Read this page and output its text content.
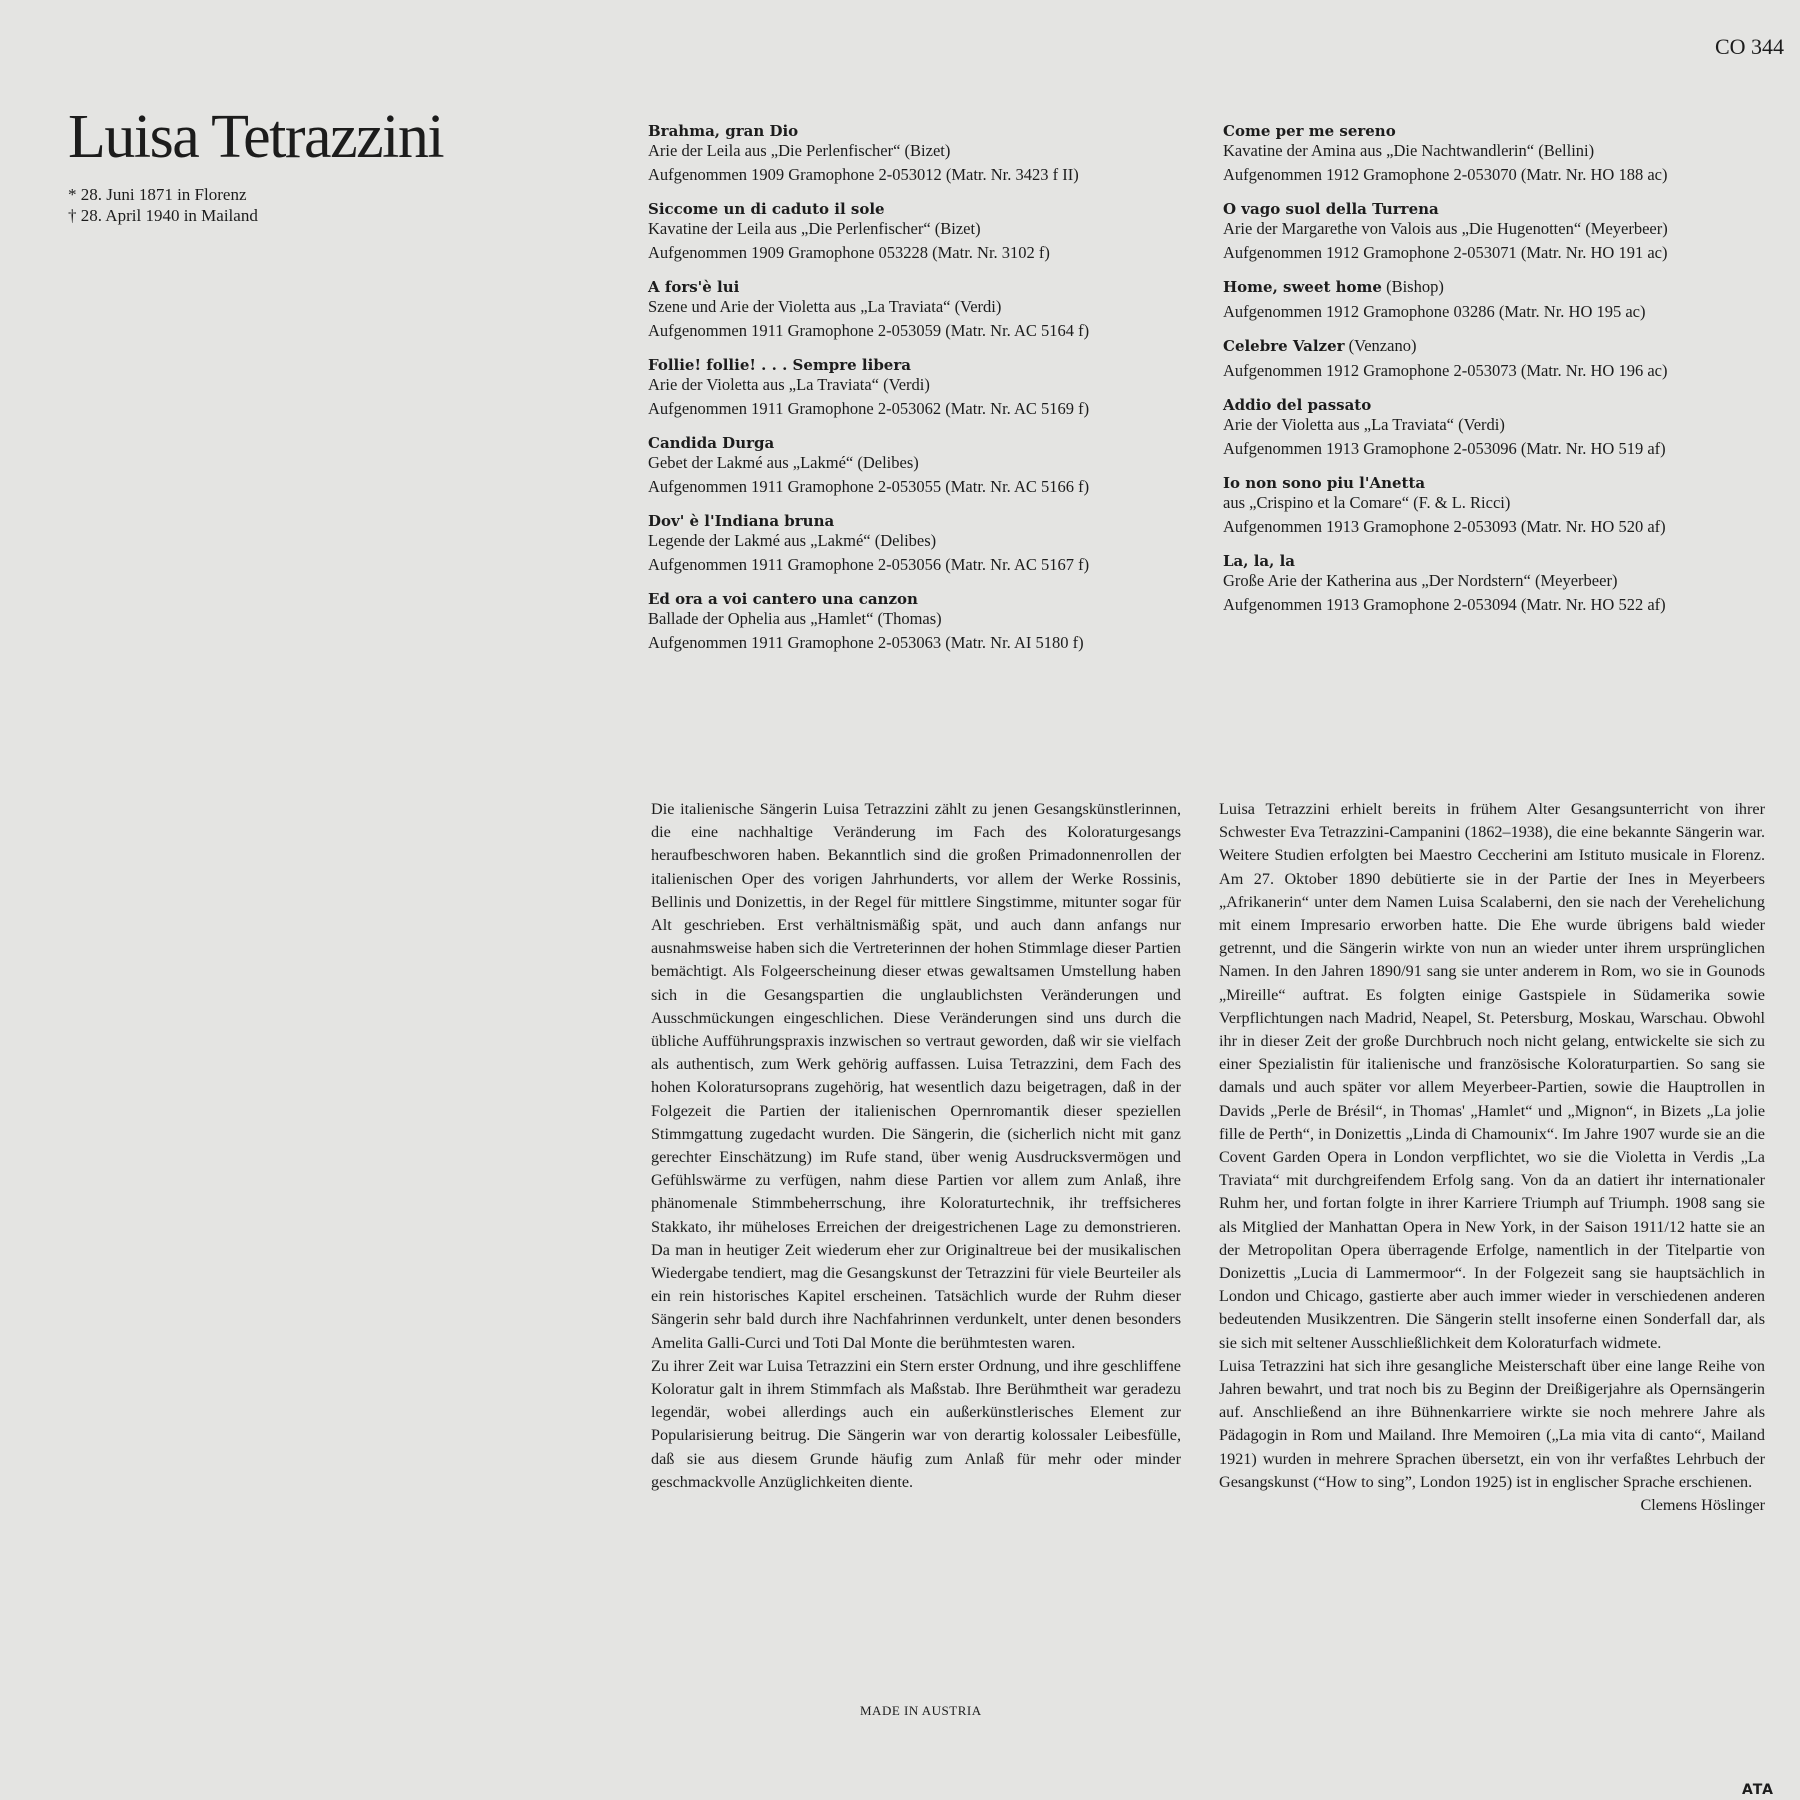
CO 344
Luisa Tetrazzini
* 28. Juni 1871 in Florenz
† 28. April 1940 in Mailand
Brahma, gran Dio
Arie der Leila aus „Die Perlenfischer“ (Bizet)
Aufgenommen 1909 Gramophone 2-053012 (Matr. Nr. 3423 f II)
Siccome un di caduto il sole
Kavatine der Leila aus „Die Perlenfischer“ (Bizet)
Aufgenommen 1909 Gramophone 053228 (Matr. Nr. 3102 f)
A fors'è lui
Szene und Arie der Violetta aus „La Traviata“ (Verdi)
Aufgenommen 1911 Gramophone 2-053059 (Matr. Nr. AC 5164 f)
Follie! follie! . . . Sempre libera
Arie der Violetta aus „La Traviata“ (Verdi)
Aufgenommen 1911 Gramophone 2-053062 (Matr. Nr. AC 5169 f)
Candida Durga
Gebet der Lakmé aus „Lakmé“ (Delibes)
Aufgenommen 1911 Gramophone 2-053055 (Matr. Nr. AC 5166 f)
Dov' è l'Indiana bruna
Legende der Lakmé aus „Lakmé“ (Delibes)
Aufgenommen 1911 Gramophone 2-053056 (Matr. Nr. AC 5167 f)
Ed ora a voi cantero una canzon
Ballade der Ophelia aus „Hamlet“ (Thomas)
Aufgenommen 1911 Gramophone 2-053063 (Matr. Nr. AI 5180 f)
Come per me sereno
Kavatine der Amina aus „Die Nachtwandlerin“ (Bellini)
Aufgenommen 1912 Gramophone 2-053070 (Matr. Nr. HO 188 ac)
O vago suol della Turrena
Arie der Margarethe von Valois aus „Die Hugenotten“ (Meyerbeer)
Aufgenommen 1912 Gramophone 2-053071 (Matr. Nr. HO 191 ac)
Home, sweet home (Bishop)
Aufgenommen 1912 Gramophone 03286 (Matr. Nr. HO 195 ac)
Celebre Valzer (Venzano)
Aufgenommen 1912 Gramophone 2-053073 (Matr. Nr. HO 196 ac)
Addio del passato
Arie der Violetta aus „La Traviata“ (Verdi)
Aufgenommen 1913 Gramophone 2-053096 (Matr. Nr. HO 519 af)
Io non sono piu l'Anetta
aus „Crispino et la Comare“ (F. & L. Ricci)
Aufgenommen 1913 Gramophone 2-053093 (Matr. Nr. HO 520 af)
La, la, la
Große Arie der Katherina aus „Der Nordstern“ (Meyerbeer)
Aufgenommen 1913 Gramophone 2-053094 (Matr. Nr. HO 522 af)

Die italienische Sängerin Luisa Tetrazzini zählt zu jenen Gesangskünstlerinnen, die eine nachhaltige Veränderung im Fach des Koloraturgesangs heraufbeschworen haben. Bekanntlich sind die großen Primadonnenrollen der italienischen Oper des vorigen Jahrhunderts, vor allem der Werke Rossinis, Bellinis und Donizettis, in der Regel für mittlere Singstimme, mitunter sogar für Alt geschrieben. Erst verhältnismäßig spät, und auch dann anfangs nur ausnahmsweise haben sich die Vertreterinnen der hohen Stimmlage dieser Partien bemächtigt. Als Folgeerscheinung dieser etwas gewaltsamen Umstellung haben sich in die Gesangspartien die unglaublichsten Veränderungen und Ausschmückungen eingeschlichen. Diese Veränderungen sind uns durch die übliche Aufführungspraxis inzwischen so vertraut geworden, daß wir sie vielfach als authentisch, zum Werk gehörig auffassen. Luisa Tetrazzini, dem Fach des hohen Koloratursoprans zugehörig, hat wesentlich dazu beigetragen, daß in der Folgezeit die Partien der italienischen Opernromantik dieser speziellen Stimmgattung zugedacht wurden. Die Sängerin, die (sicherlich nicht mit ganz gerechter Einschätzung) im Rufe stand, über wenig Ausdrucksvermögen und Gefühlswärme zu verfügen, nahm diese Partien vor allem zum Anlaß, ihre phänomenale Stimmbeherrschung, ihre Koloraturtechnik, ihr treffsicheres Stakkato, ihr müheloses Erreichen der dreigestrichenen Lage zu demonstrieren. Da man in heutiger Zeit wiederum eher zur Originaltreue bei der musikalischen Wiedergabe tendiert, mag die Gesangskunst der Tetrazzini für viele Beurteiler als ein rein historisches Kapitel erscheinen. Tatsächlich wurde der Ruhm dieser Sängerin sehr bald durch ihre Nachfahrinnen verdunkelt, unter denen besonders Amelita Galli-Curci und Toti Dal Monte die berühmtesten waren.

Zu ihrer Zeit war Luisa Tetrazzini ein Stern erster Ordnung, und ihre geschliffene Koloratur galt in ihrem Stimmfach als Maßstab. Ihre Berühmtheit war geradezu legendär, wobei allerdings auch ein außerkünstlerisches Element zur Popularisierung beitrug. Die Sängerin war von derartig kolossaler Leibesfülle, daß sie aus diesem Grunde häufig zum Anlaß für mehr oder minder geschmackvolle Anzüglichkeiten diente.

Luisa Tetrazzini erhielt bereits in frühem Alter Gesangsunterricht von ihrer Schwester Eva Tetrazzini-Campanini (1862–1938), die eine bekannte Sängerin war. Weitere Studien erfolgten bei Maestro Ceccherini am Istituto musicale in Florenz. Am 27. Oktober 1890 debütierte sie in der Partie der Ines in Meyerbeers „Afrikanerin“ unter dem Namen Luisa Scalaberni, den sie nach der Verehelichung mit einem Impresario erworben hatte. Die Ehe wurde übrigens bald wieder getrennt, und die Sängerin wirkte von nun an wieder unter ihrem ursprünglichen Namen. In den Jahren 1890/91 sang sie unter anderem in Rom, wo sie in Gounods „Mireille“ auftrat. Es folgten einige Gastspiele in Südamerika sowie Verpflichtungen nach Madrid, Neapel, St. Petersburg, Moskau, Warschau. Obwohl ihr in dieser Zeit der große Durchbruch noch nicht gelang, entwickelte sie sich zu einer Spezialistin für italienische und französische Koloraturpartien. So sang sie damals und auch später vor allem Meyerbeer-Partien, sowie die Hauptrollen in Davids „Perle de Brésil“, in Thomas' „Hamlet“ und „Mignon“, in Bizets „La jolie fille de Perth“, in Donizettis „Linda di Chamounix“. Im Jahre 1907 wurde sie an die Covent Garden Opera in London verpflichtet, wo sie die Violetta in Verdis „La Traviata“ mit durchgreifendem Erfolg sang. Von da an datiert ihr internationaler Ruhm her, und fortan folgte in ihrer Karriere Triumph auf Triumph. 1908 sang sie als Mitglied der Manhattan Opera in New York, in der Saison 1911/12 hatte sie an der Metropolitan Opera überragende Erfolge, namentlich in der Titelpartie von Donizettis „Lucia di Lammermoor“. In der Folgezeit sang sie hauptsächlich in London und Chicago, gastierte aber auch immer wieder in verschiedenen anderen bedeutenden Musikzentren. Die Sängerin stellt insoferne einen Sonderfall dar, als sie sich mit seltener Ausschließlichkeit dem Koloraturfach widmete.

Luisa Tetrazzini hat sich ihre gesangliche Meisterschaft über eine lange Reihe von Jahren bewahrt, und trat noch bis zu Beginn der Dreißigerjahre als Opernsängerin auf. Anschließend an ihre Bühnenkarriere wirkte sie noch mehrere Jahre als Pädagogin in Rom und Mailand. Ihre Memoiren („La mia vita di canto“, Mailand 1921) wurden in mehrere Sprachen übersetzt, ein von ihr verfaßtes Lehrbuch der Gesangskunst (“How to sing”, London 1925) ist in englischer Sprache erschienen.

Clemens Höslinger

MADE IN AUSTRIA
ATA
